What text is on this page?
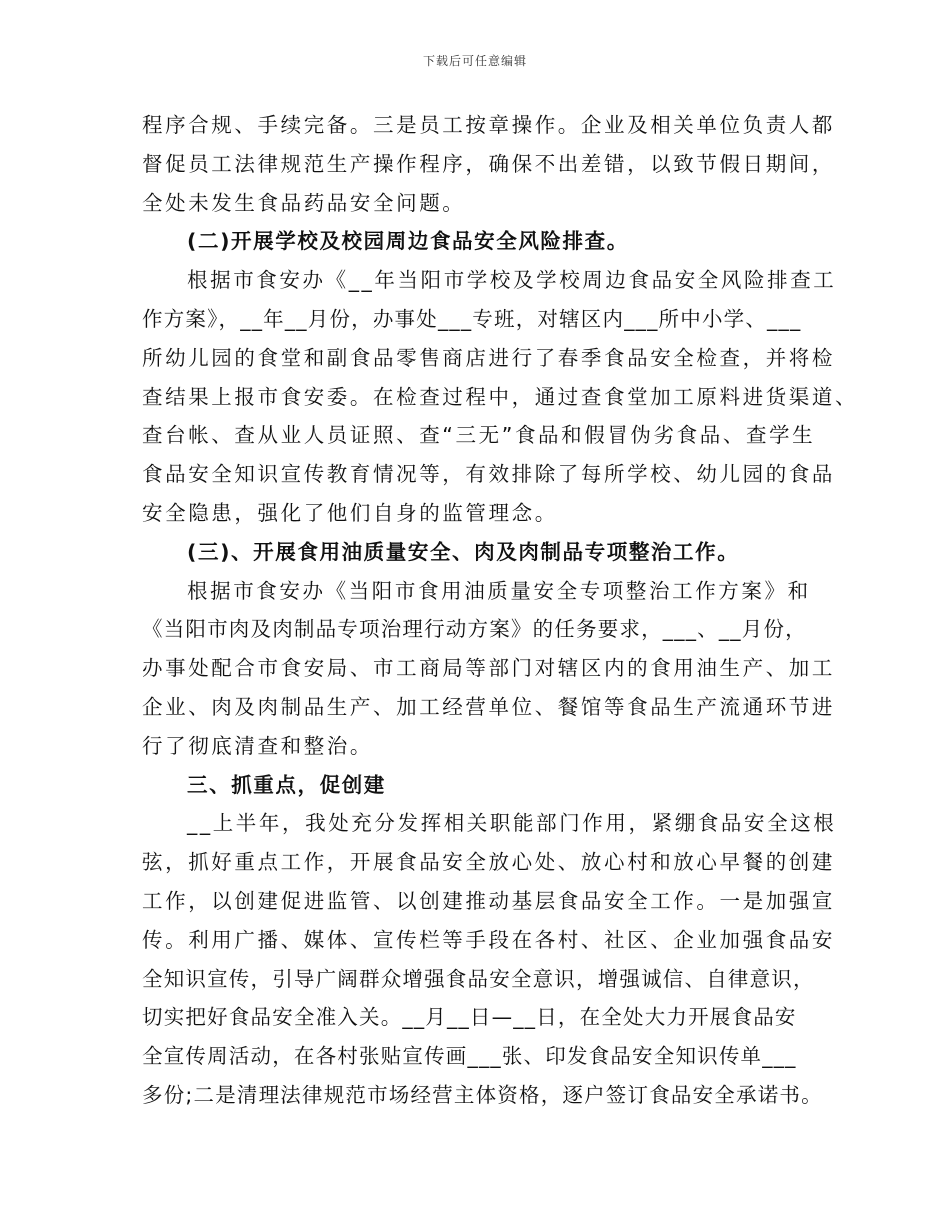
下载后可任意编辑
程序合规、手续完备。三是员工按章操作。企业及相关单位负责人都
督促员工法律规范生产操作程序，确保不出差错，以致节假日期间，
全处未发生食品药品安全问题。
(二)开展学校及校园周边食品安全风险排查。
根据市食安办《__年当阳市学校及学校周边食品安全风险排查工
作方案》，__年__月份，办事处___专班，对辖区内___所中小学、___
所幼儿园的食堂和副食品零售商店进行了春季食品安全检查，并将检
查结果上报市食安委。在检查过程中，通过查食堂加工原料进货渠道、
查台帐、查从业人员证照、查“三无”食品和假冒伪劣食品、查学生
食品安全知识宣传教育情况等，有效排除了每所学校、幼儿园的食品
安全隐患，强化了他们自身的监管理念。
(三)、开展食用油质量安全、肉及肉制品专项整治工作。
根据市食安办《当阳市食用油质量安全专项整治工作方案》和
《当阳市肉及肉制品专项治理行动方案》的任务要求，___、__月份，
办事处配合市食安局、市工商局等部门对辖区内的食用油生产、加工
企业、肉及肉制品生产、加工经营单位、餐馆等食品生产流通环节进
行了彻底清查和整治。
三、抓重点，促创建
__上半年，我处充分发挥相关职能部门作用，紧绷食品安全这根
弦，抓好重点工作，开展食品安全放心处、放心村和放心早餐的创建
工作，以创建促进监管、以创建推动基层食品安全工作。一是加强宣
传。利用广播、媒体、宣传栏等手段在各村、社区、企业加强食品安
全知识宣传，引导广阔群众增强食品安全意识，增强诚信、自律意识，
切实把好食品安全准入关。__月__日—__日，在全处大力开展食品安
全宣传周活动，在各村张贴宣传画___张、印发食品安全知识传单___
多份;二是清理法律规范市场经营主体资格，逐户签订食品安全承诺书。
